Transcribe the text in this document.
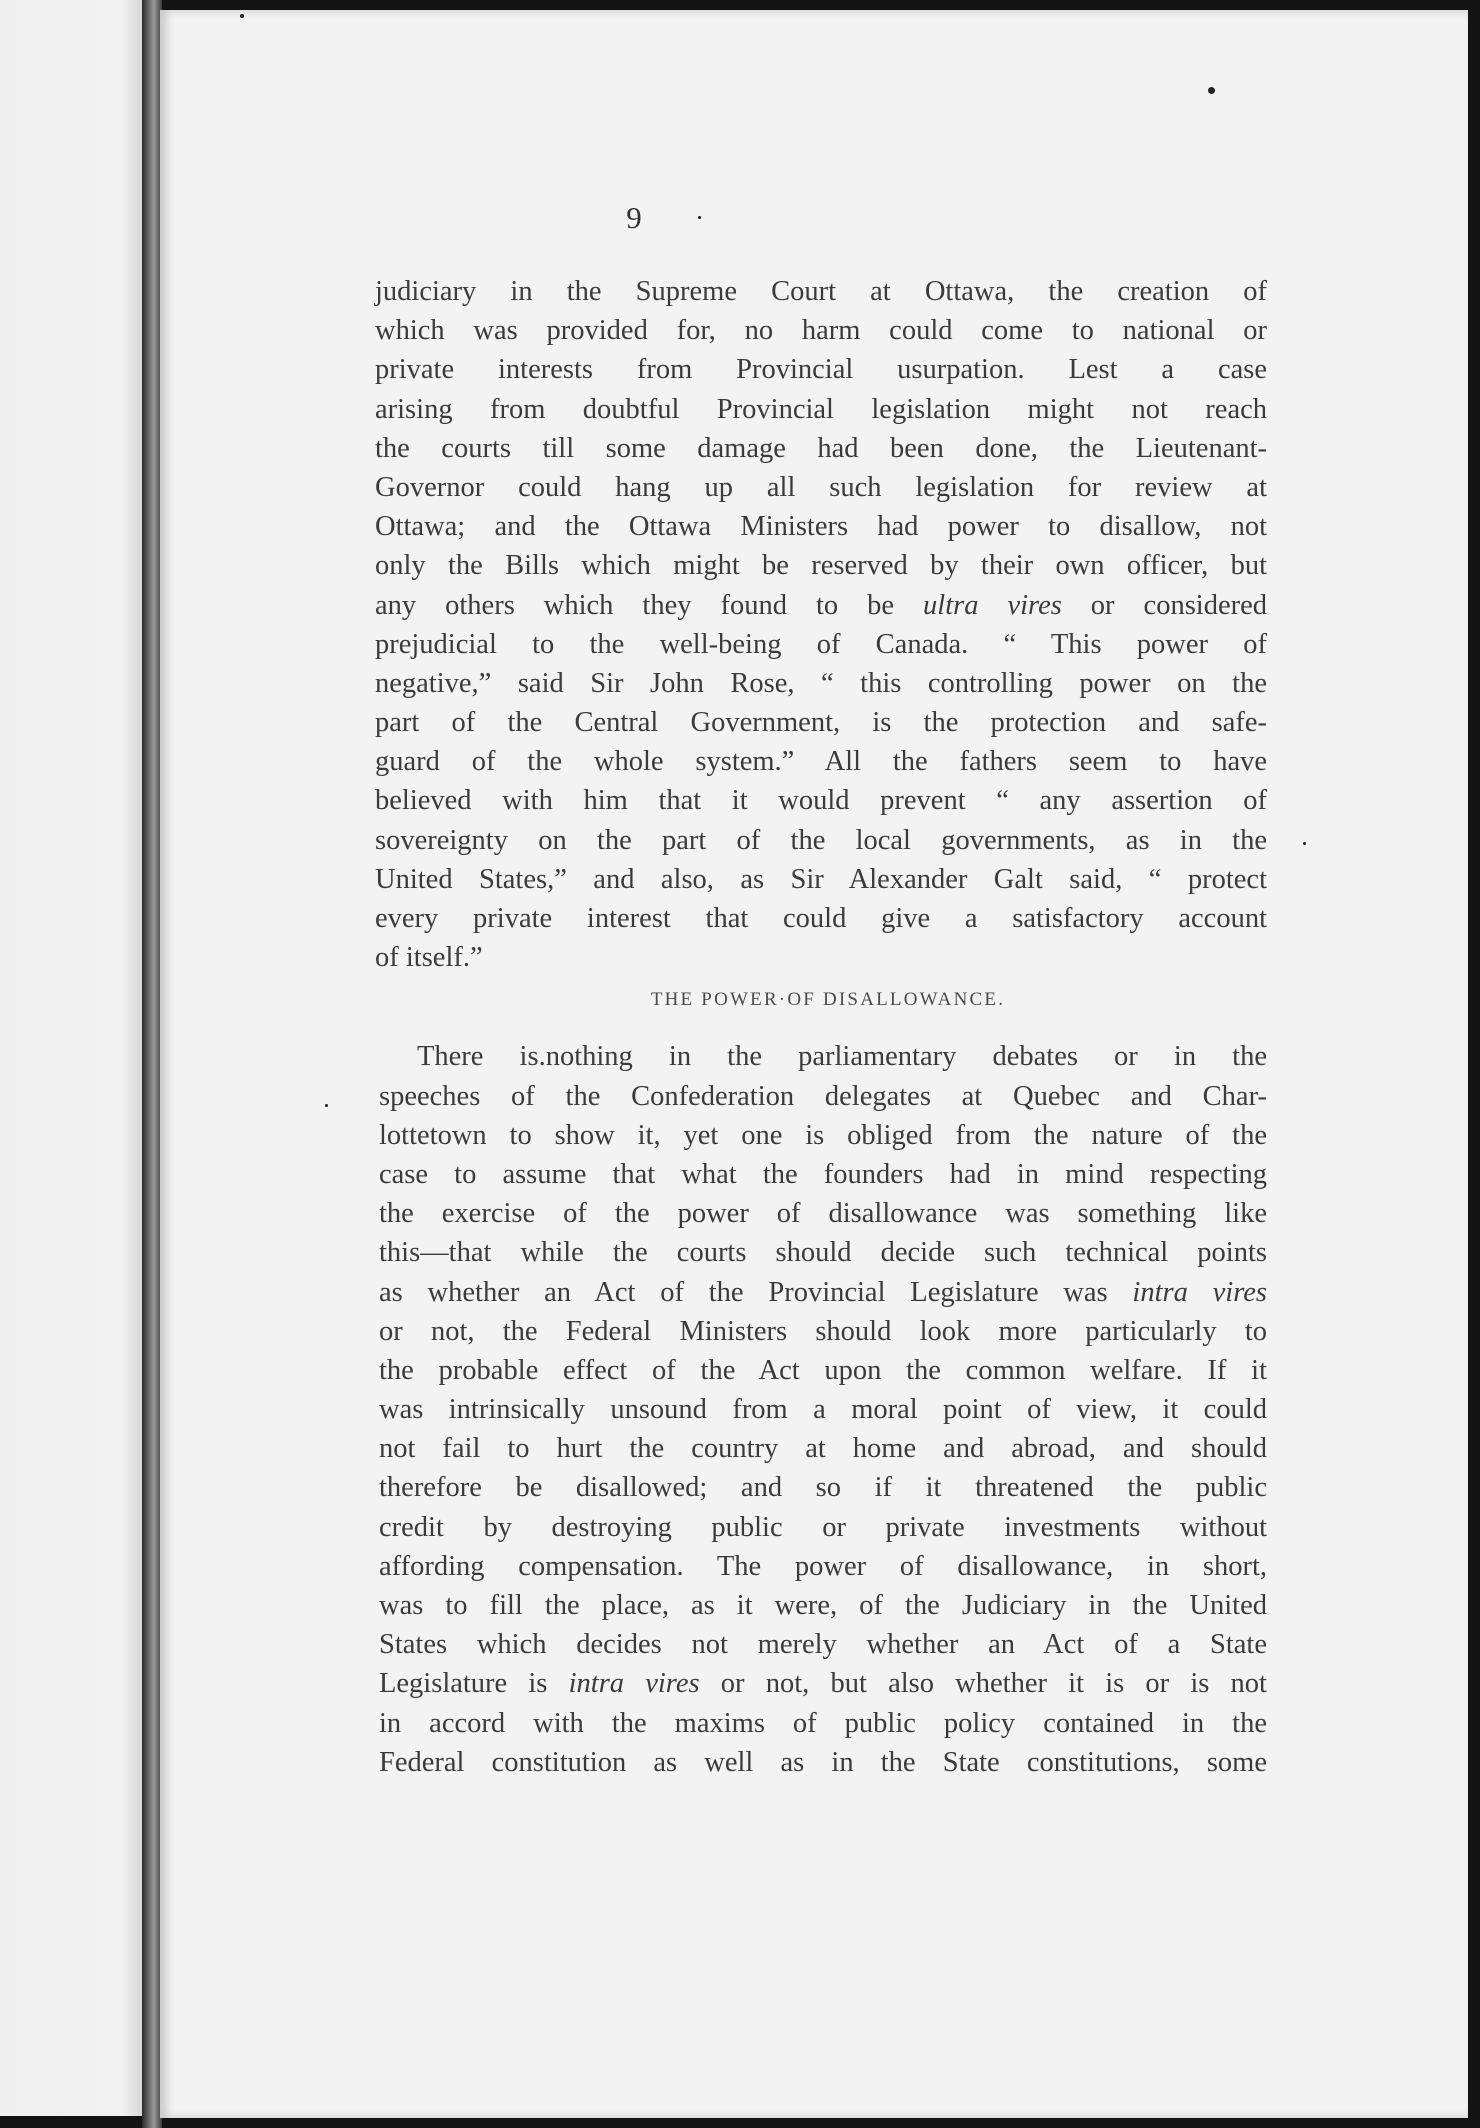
9
judiciary in the Supreme Court at Ottawa, the creation of
which was provided for, no harm could come to national or
private interests from Provincial usurpation. Lest a case
arising from doubtful Provincial legislation might not reach
the courts till some damage had been done, the Lieutenant-
Governor could hang up all such legislation for review at
Ottawa; and the Ottawa Ministers had power to disallow, not
only the Bills which might be reserved by their own officer, but
any others which they found to be ultra vires or considered
prejudicial to the well-being of Canada. “ This power of
negative,” said Sir John Rose, “ this controlling power on the
part of the Central Government, is the protection and safe-
guard of the whole system.” All the fathers seem to have
believed with him that it would prevent “ any assertion of
sovereignty on the part of the local governments, as in the
United States,” and also, as Sir Alexander Galt said, “ protect
every private interest that could give a satisfactory account
of itself.”
THE POWER·OF DISALLOWANCE.
There is.nothing in the parliamentary debates or in the
speeches of the Confederation delegates at Quebec and Char-
lottetown to show it, yet one is obliged from the nature of the
case to assume that what the founders had in mind respecting
the exercise of the power of disallowance was something like
this—that while the courts should decide such technical points
as whether an Act of the Provincial Legislature was intra vires
or not, the Federal Ministers should look more particularly to
the probable effect of the Act upon the common welfare. If it
was intrinsically unsound from a moral point of view, it could
not fail to hurt the country at home and abroad, and should
therefore be disallowed; and so if it threatened the public
credit by destroying public or private investments without
affording compensation. The power of disallowance, in short,
was to fill the place, as it were, of the Judiciary in the United
States which decides not merely whether an Act of a State
Legislature is intra vires or not, but also whether it is or is not
in accord with the maxims of public policy contained in the
Federal constitution as well as in the State constitutions, some
